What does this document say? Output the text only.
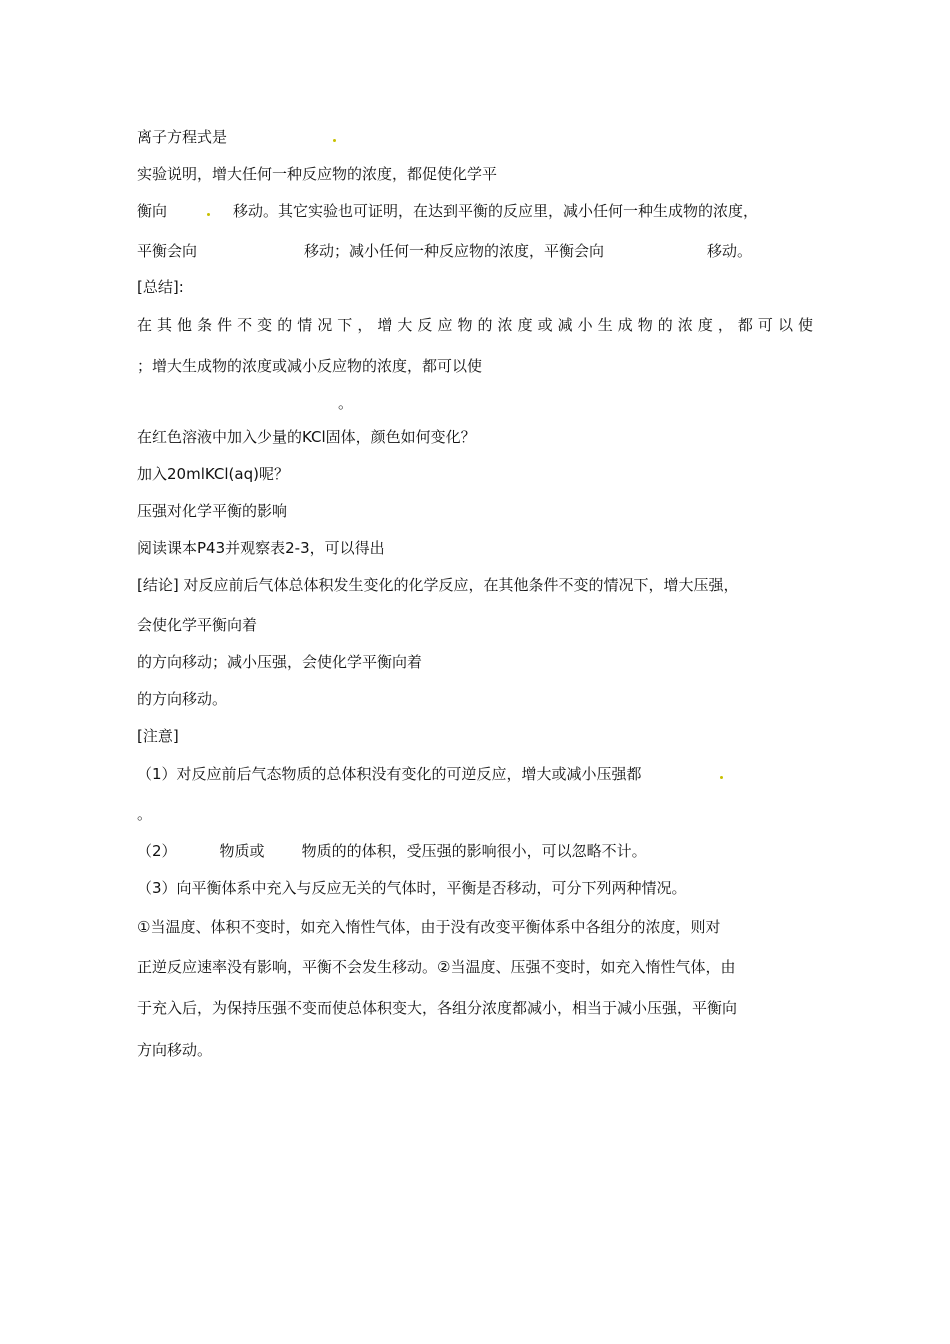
离子方程式是
实验说明，增大任何一种反应物的浓度，都促使化学平
衡向	移动。其它实验也可证明，在达到平衡的反应里，减小任何一种生成物的浓度，
平衡会向	移动；减小任何一种反应物的浓度，平衡会向	移动。
[总结]:
在其他条件不变的情况下，增大反应物的浓度或减小生成物的浓度，都可以使
；增大生成物的浓度或减小反应物的浓度，都可以使
。
在红色溶液中加入少量的KCl固体，颜色如何变化？
加入20mlKCl(aq)呢？
压强对化学平衡的影响
阅读课本P43并观察表2-3，可以得出
[结论] 对反应前后气体总体积发生变化的化学反应，在其他条件不变的情况下，增大压强，
会使化学平衡向着
的方向移动；减小压强，会使化学平衡向着
的方向移动。
[注意]
（1）对反应前后气态物质的总体积没有变化的可逆反应，增大或减小压强都
。
（2）	物质或 物质的的体积，受压强的影响很小，可以忽略不计。
（3）向平衡体系中充入与反应无关的气体时，平衡是否移动，可分下列两种情况。
①当温度、体积不变时，如充入惰性气体，由于没有改变平衡体系中各组分的浓度，则对
正逆反应速率没有影响，平衡不会发生移动。②当温度、压强不变时，如充入惰性气体，由
于充入后，为保持压强不变而使总体积变大，各组分浓度都减小，相当于减小压强，平衡向
方向移动。
